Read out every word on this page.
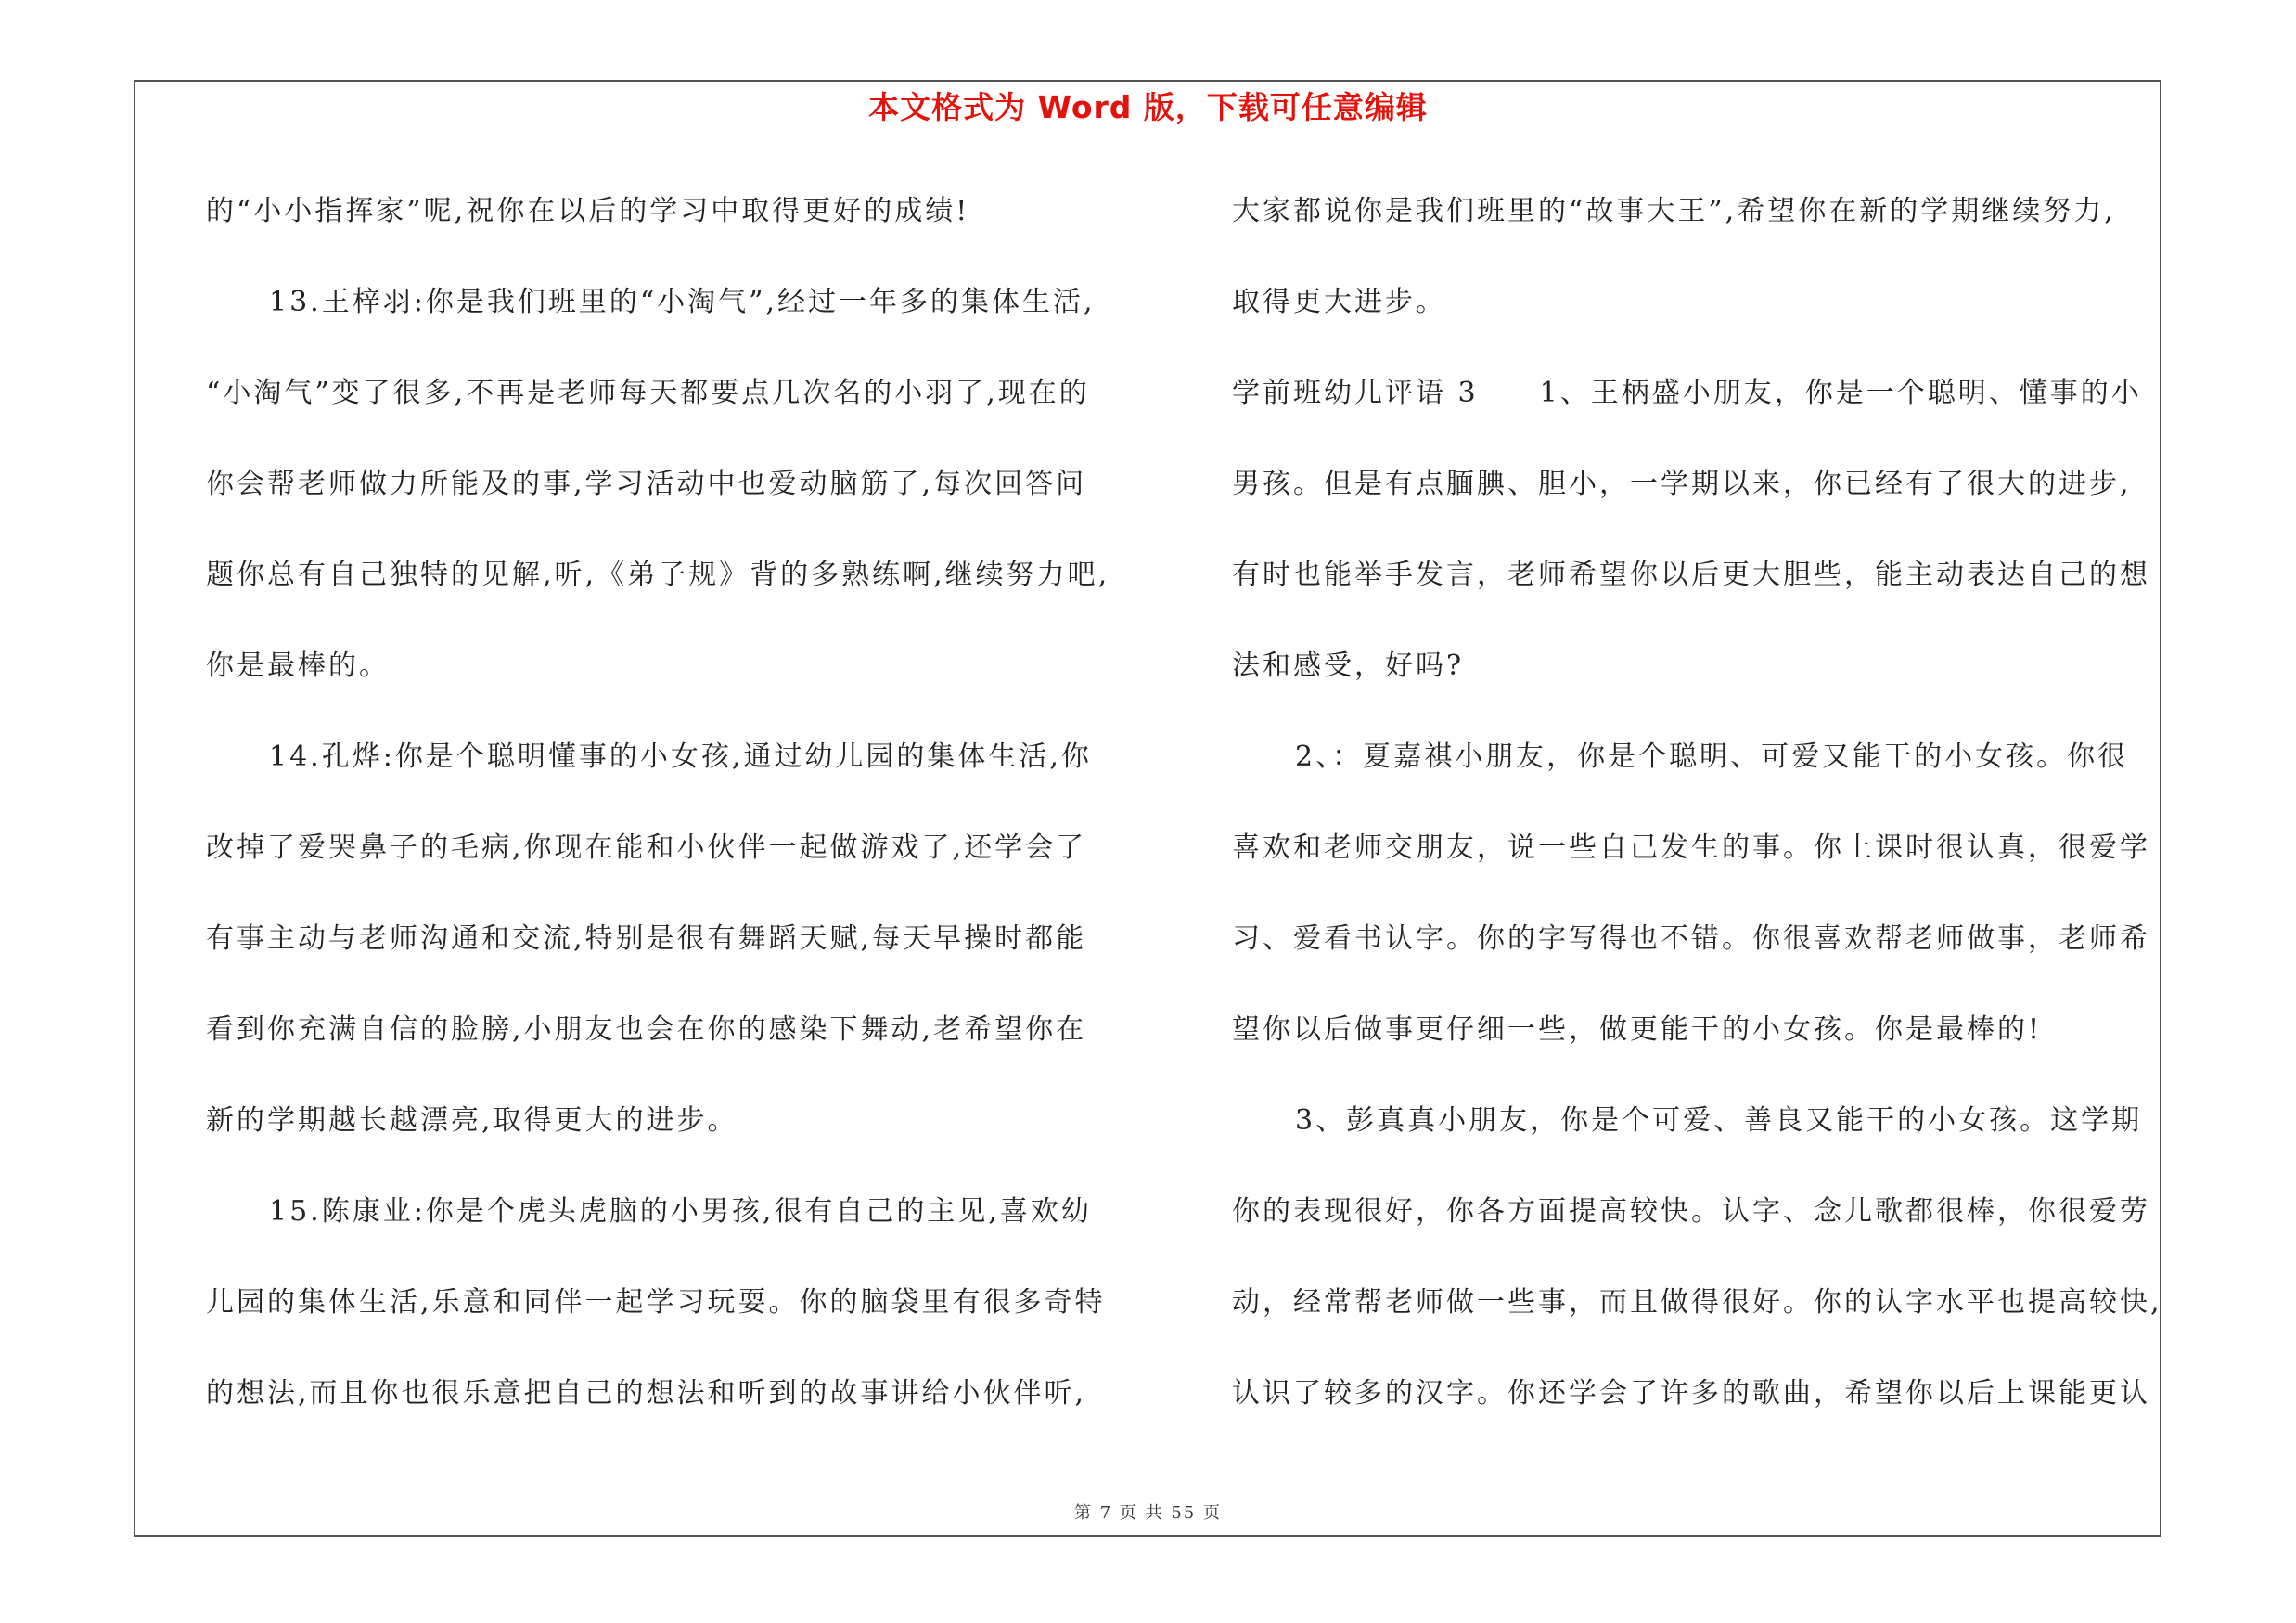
本文格式为 Word 版，下载可任意编辑
的“小小指挥家”呢,祝你在以后的学习中取得更好的成绩!
13.王梓羽:你是我们班里的“小淘气”,经过一年多的集体生活,
“小淘气”变了很多,不再是老师每天都要点几次名的小羽了,现在的
你会帮老师做力所能及的事,学习活动中也爱动脑筋了,每次回答问
题你总有自己独特的见解,听,《弟子规》背的多熟练啊,继续努力吧,
你是最棒的。
14.孔烨:你是个聪明懂事的小女孩,通过幼儿园的集体生活,你
改掉了爱哭鼻子的毛病,你现在能和小伙伴一起做游戏了,还学会了
有事主动与老师沟通和交流,特别是很有舞蹈天赋,每天早操时都能
看到你充满自信的脸膀,小朋友也会在你的感染下舞动,老希望你在
新的学期越长越漂亮,取得更大的进步。
15.陈康业:你是个虎头虎脑的小男孩,很有自己的主见,喜欢幼
儿园的集体生活,乐意和同伴一起学习玩耍。你的脑袋里有很多奇特
的想法,而且你也很乐意把自己的想法和听到的故事讲给小伙伴听,
大家都说你是我们班里的“故事大王”,希望你在新的学期继续努力,
取得更大进步。
学前班幼儿评语 3　　1、王柄盛小朋友，你是一个聪明、懂事的小
男孩。但是有点腼腆、胆小，一学期以来，你已经有了很大的进步,
有时也能举手发言，老师希望你以后更大胆些，能主动表达自己的想
法和感受，好吗?
2、：夏嘉祺小朋友，你是个聪明、可爱又能干的小女孩。你很
喜欢和老师交朋友，说一些自己发生的事。你上课时很认真，很爱学
习、爱看书认字。你的字写得也不错。你很喜欢帮老师做事，老师希
望你以后做事更仔细一些，做更能干的小女孩。你是最棒的!
3、彭真真小朋友，你是个可爱、善良又能干的小女孩。这学期
你的表现很好，你各方面提高较快。认字、念儿歌都很棒，你很爱劳
动，经常帮老师做一些事，而且做得很好。你的认字水平也提高较快,
认识了较多的汉字。你还学会了许多的歌曲，希望你以后上课能更认
第 7 页 共 55 页
